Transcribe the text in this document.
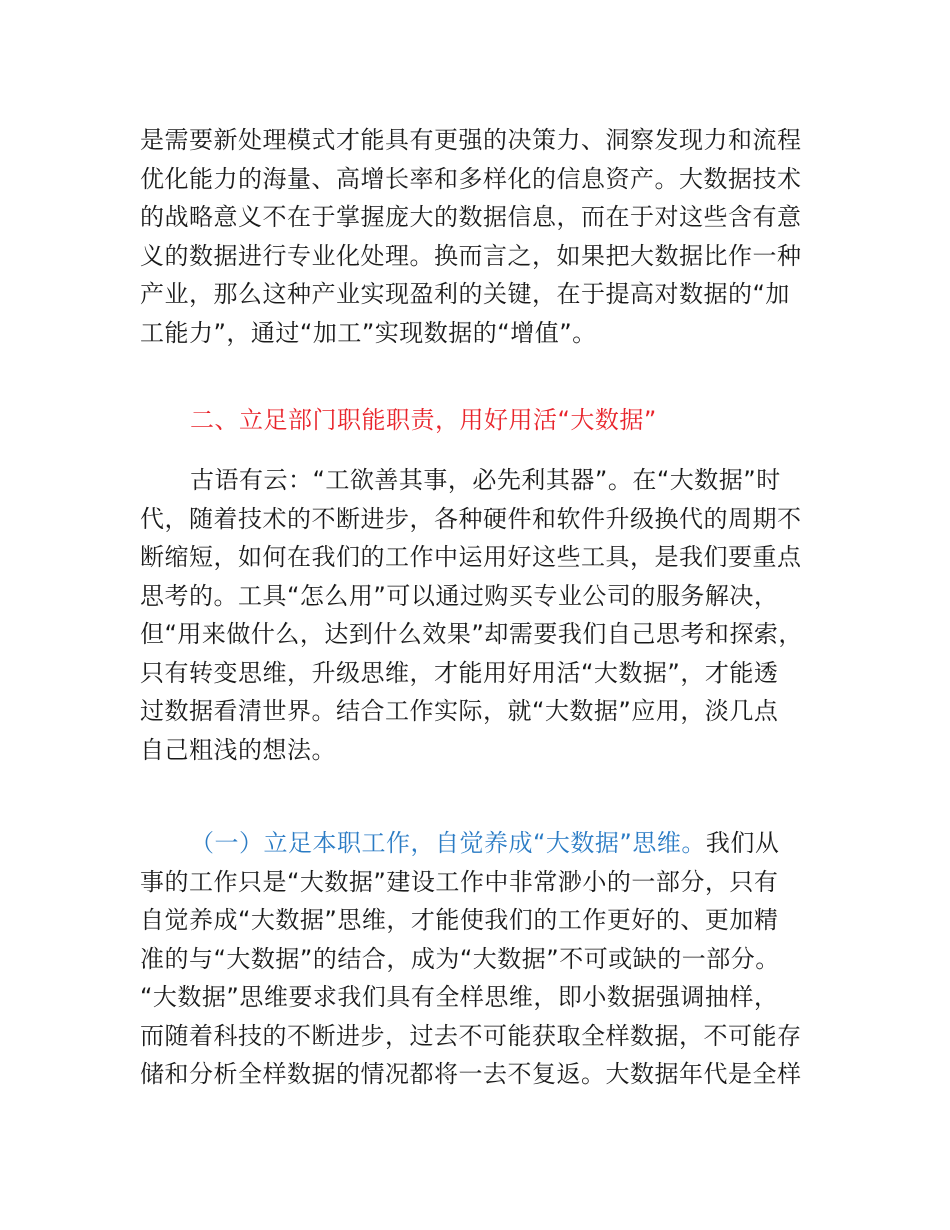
是需要新处理模式才能具有更强的决策力、洞察发现力和流程

优化能力的海量、高增长率和多样化的信息资产。大数据技术

的战略意义不在于掌握庞大的数据信息，而在于对这些含有意

义的数据进行专业化处理。换而言之，如果把大数据比作一种

产业，那么这种产业实现盈利的关键，在于提高对数据的“加

工能力”，通过“加工”实现数据的“增值”。

二、立足部门职能职责，用好用活“大数据”

古语有云：“工欲善其事，必先利其器”。在“大数据”时

代，随着技术的不断进步，各种硬件和软件升级换代的周期不

断缩短，如何在我们的工作中运用好这些工具，是我们要重点

思考的。工具“怎么用”可以通过购买专业公司的服务解决，

但“用来做什么，达到什么效果”却需要我们自己思考和探索，

只有转变思维，升级思维，才能用好用活“大数据”，才能透

过数据看清世界。结合工作实际，就“大数据”应用，淡几点

自己粗浅的想法。

（一）立足本职工作，自觉养成“大数据”思维。我们从

事的工作只是“大数据”建设工作中非常渺小的一部分，只有

自觉养成“大数据”思维，才能使我们的工作更好的、更加精

准的与“大数据”的结合，成为“大数据”不可或缺的一部分。

“大数据”思维要求我们具有全样思维，即小数据强调抽样，

而随着科技的不断进步，过去不可能获取全样数据，不可能存

储和分析全样数据的情况都将一去不复返。大数据年代是全样
